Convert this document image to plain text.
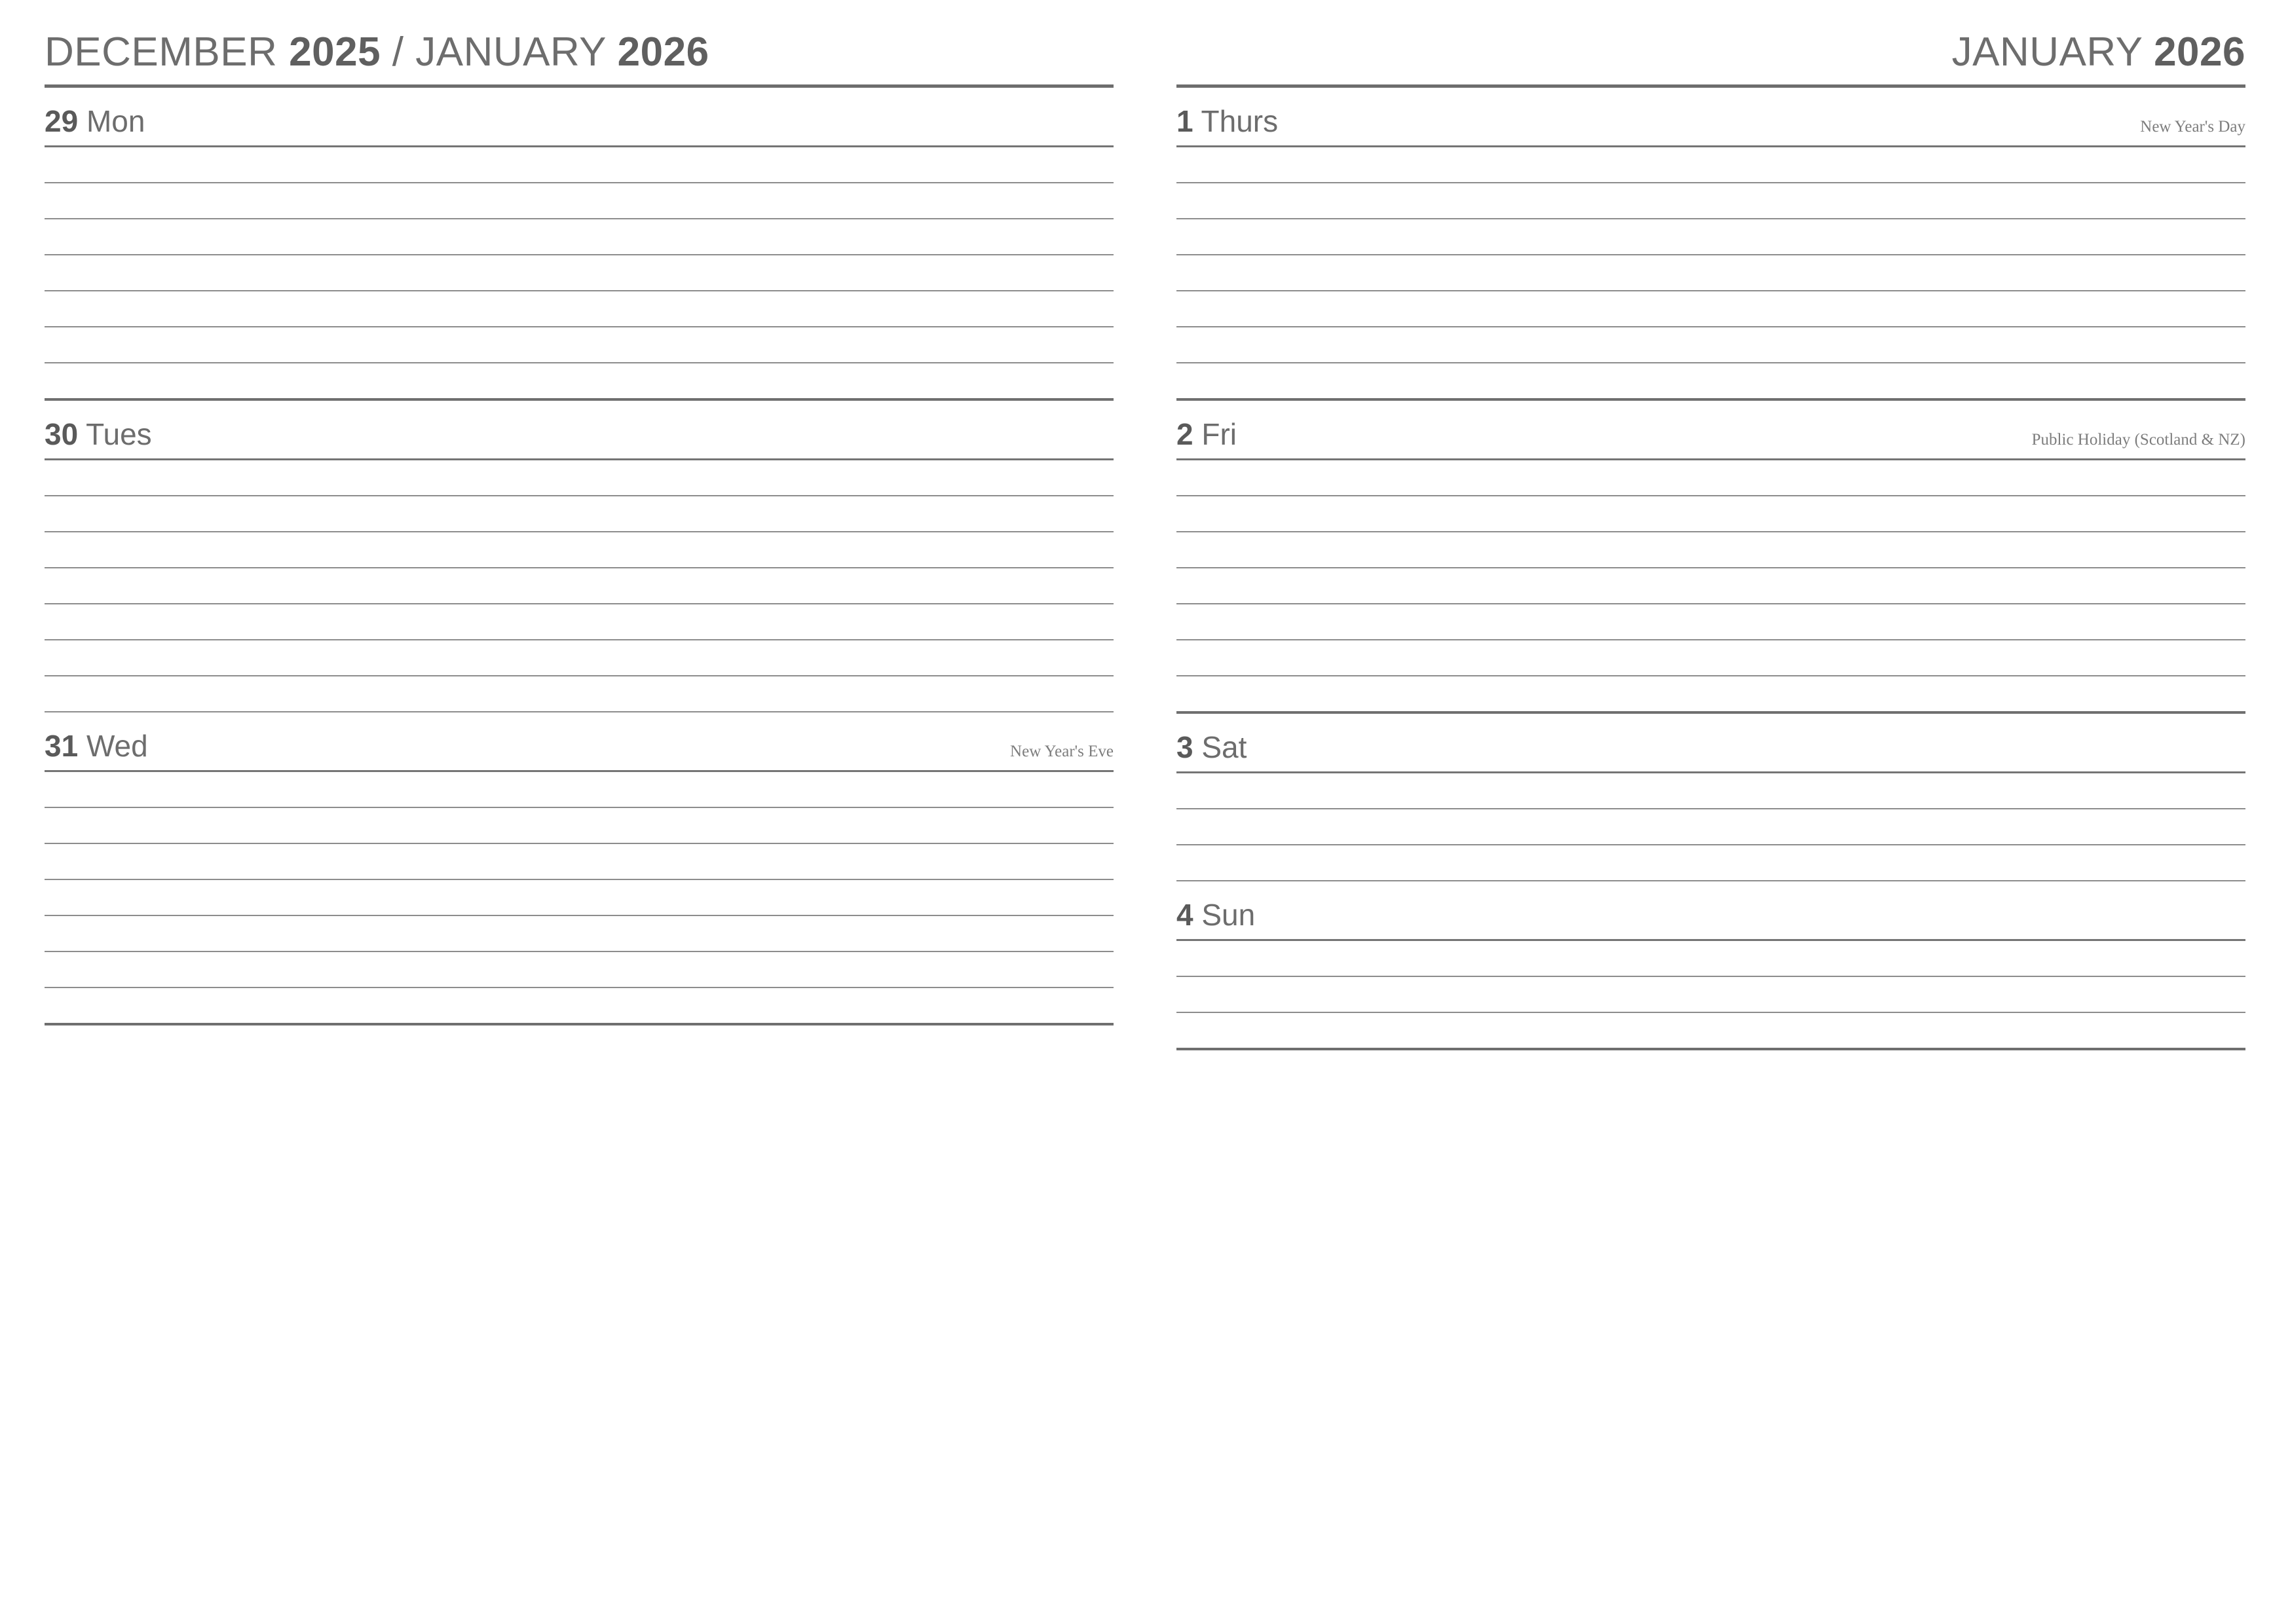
DECEMBER 2025 / JANUARY 2026
29 Mon
30 Tues
31 Wed	New Year's Eve
JANUARY 2026
1 Thurs	New Year's Day
2 Fri	Public Holiday (Scotland & NZ)
3 Sat
4 Sun
